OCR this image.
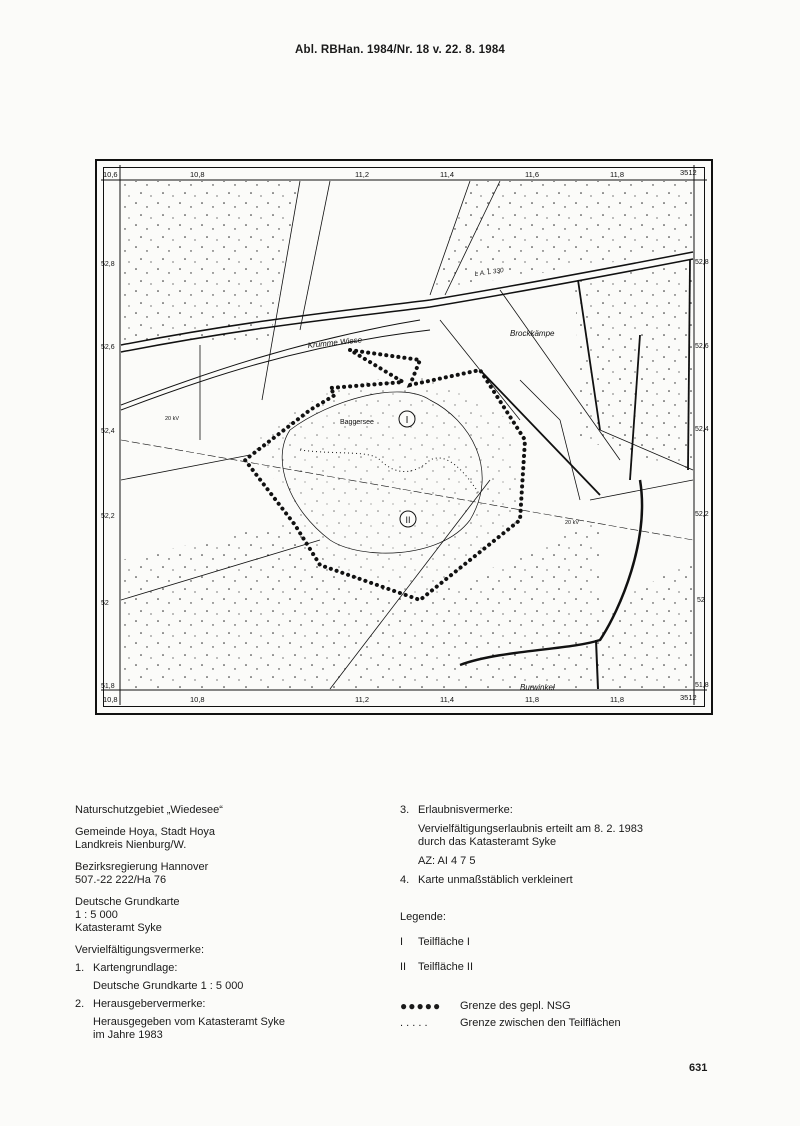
Abl. RBHan. 1984/Nr. 18 v. 22. 8. 1984
10,6	10,8	11,2	11,4	11,6	11,8	3512
10,8	10,8	11,2	11,4	11,8	11,8	3512
52,8
52,6
52,4
52,2
52
51,8
52,8
52,6
52,4
52,2
52
51,8
Krumme Wiese
Brockkämpe
Burwinkel
L A. L 330
Baggersee
20 kV
20 kV
I
II

Naturschutzgebiet „Wiedesee“

Gemeinde Hoya, Stadt Hoya

Landkreis Nienburg/W.

Bezirksregierung Hannover

507.-22 222/Ha 76

Deutsche Grundkarte

1 : 5 000

Katasteramt Syke

Vervielfältigungsvermerke:

1. Kartengrundlage:

Deutsche Grundkarte 1 : 5 000

2. Herausgebervermerke:

Herausgegeben vom Katasteramt Syke

im Jahre 1983

3. Erlaubnisvermerke:

Vervielfältigungserlaubnis erteilt am 8. 2. 1983

durch das Katasteramt Syke

AZ: AI 4 7 5

4. Karte unmaßstäblich verkleinert

Legende:

I	Teilfläche I
II	Teilfläche II
●●●●●	Grenze des gepl. NSG
. . . . .	Grenze zwischen den Teilflächen
631
